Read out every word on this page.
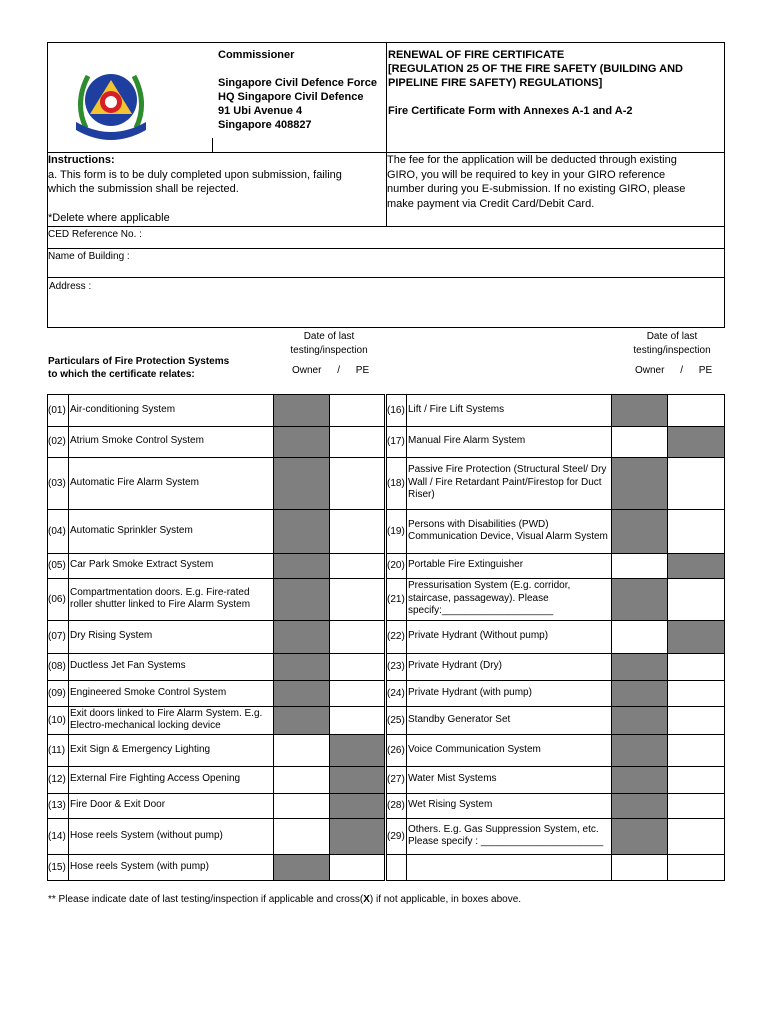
Commissioner
Singapore Civil Defence Force
HQ Singapore Civil Defence
91 Ubi Avenue 4
Singapore 408827
RENEWAL OF FIRE CERTIFICATE
[REGULATION 25 OF THE FIRE SAFETY (BUILDING AND
PIPELINE FIRE SAFETY) REGULATIONS]
Fire Certificate Form with Annexes A-1 and A-2
Instructions:
a. This form is to be duly completed upon submission, failing
which the submission shall be rejected.
*Delete where applicable
The fee for the application will be deducted through existing
GIRO, you will be required to key in your GIRO reference
number during you E-submission. If no existing GIRO, please
make payment via Credit Card/Debit Card.
CED Reference No. :
Name of Building :
Address :
Particulars of Fire Protection Systems
to which the certificate relates:
Date of last
testing/inspection
Owner / PE
Date of last
testing/inspection
Owner / PE
(01) Air-conditioning System
(02) Atrium Smoke Control System
(03) Automatic Fire Alarm System
(04) Automatic Sprinkler System
(05) Car Park Smoke Extract System
(06)
Compartmentation doors. E.g. Fire-rated roller shutter linked to Fire Alarm System
(07) Dry Rising System
(08) Ductless Jet Fan Systems
(09) Engineered Smoke Control System
(10)
Exit doors linked to Fire Alarm System. E.g. Electro-mechanical locking device
(11) Exit Sign & Emergency Lighting
(12) External Fire Fighting Access Opening
(13) Fire Door & Exit Door
(14) Hose reels System (without pump)
(15) Hose reels System (with pump)
(16) Lift / Fire Lift Systems
(17) Manual Fire Alarm System
(18)
Passive Fire Protection (Structural Steel/ Dry Wall / Fire Retardant Paint/Firestop for Duct Riser)
(19)
Persons with Disabilities (PWD) Communication Device, Visual Alarm System
(20) Portable Fire Extinguisher
(21)
Pressurisation System (E.g. corridor, staircase, passageway). Please specify:____________________
(22) Private Hydrant (Without pump)
(23) Private Hydrant (Dry)
(24) Private Hydrant (with pump)
(25) Standby Generator Set
(26) Voice Communication System
(27) Water Mist Systems
(28) Wet Rising System
(29)
Others. E.g. Gas Suppression System, etc. Please specify : ______________________
** Please indicate date of last testing/inspection if applicable and cross(X) if not applicable, in boxes above.
